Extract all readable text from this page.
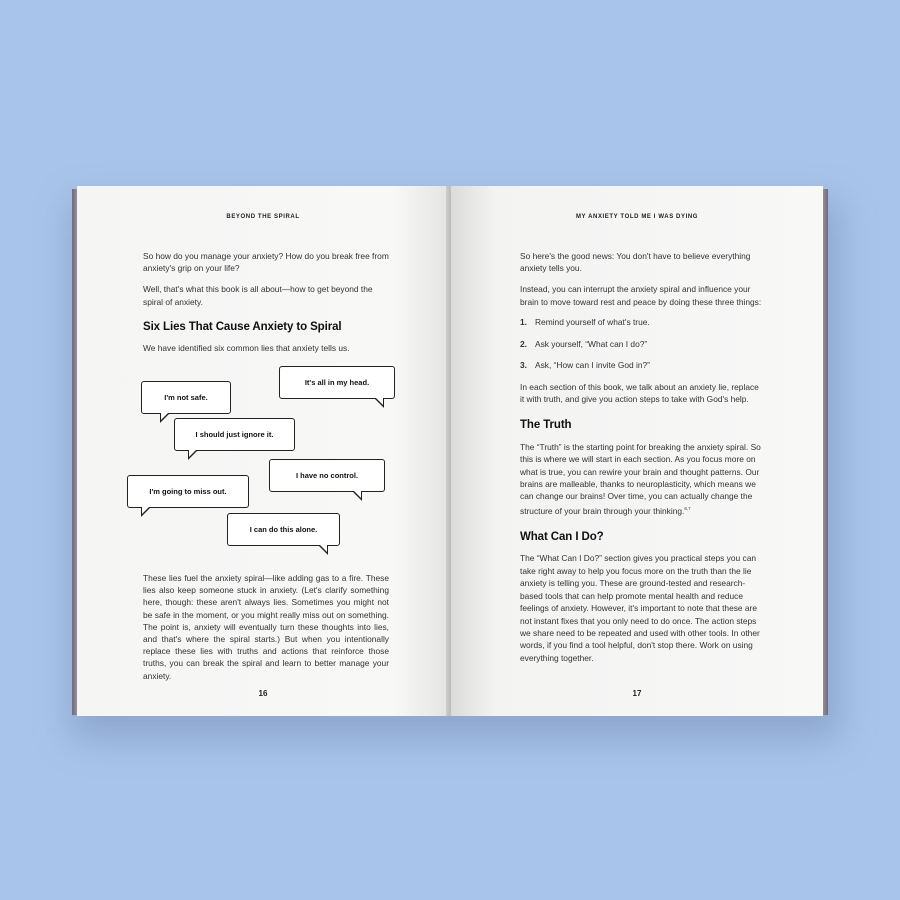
BEYOND THE SPIRAL

So how do you manage your anxiety? How do you break free from anxiety's grip on your life?

Well, that's what this book is all about—how to get beyond the spiral of anxiety.

Six Lies That Cause Anxiety to Spiral

We have identified six common lies that anxiety tells us.

I'm not safe.
It's all in my head.
I should just ignore it.
I have no control.
I'm going to miss out.
I can do this alone.

These lies fuel the anxiety spiral—like adding gas to a fire. These lies also keep someone stuck in anxiety. (Let's clarify something here, though: these aren't always lies. Sometimes you might not be safe in the moment, or you might really miss out on something. The point is, anxiety will eventually turn these thoughts into lies, and that's where the spiral starts.) But when you intentionally replace these lies with truths and actions that reinforce those truths, you can break the spiral and learn to better manage your anxiety.

16
MY ANXIETY TOLD ME I WAS DYING

So here's the good news: You don't have to believe everything anxiety tells you.

Instead, you can interrupt the anxiety spiral and influence your brain to move toward rest and peace by doing these three things:

1. Remind yourself of what's true.
2. Ask yourself, “What can I do?”
3. Ask, “How can I invite God in?”

In each section of this book, we talk about an anxiety lie, replace it with truth, and give you action steps to take with God's help.

The Truth

The “Truth” is the starting point for breaking the anxiety spiral. So this is where we will start in each section. As you focus more on what is true, you can rewire your brain and thought patterns. Our brains are malleable, thanks to neuroplasticity, which means we can change our brains! Over time, you can actually change the structure of your brain through your thinking.$^{6,7}$

What Can I Do?

The “What Can I Do?” section gives you practical steps you can take right away to help you focus more on the truth than the lie anxiety is telling you. These are ground-tested and research-based tools that can help promote mental health and reduce feelings of anxiety. However, it's important to note that these are not instant fixes that you only need to do once. The action steps we share need to be repeated and used with other tools. In other words, if you find a tool helpful, don't stop there. Work on using everything together.

17
